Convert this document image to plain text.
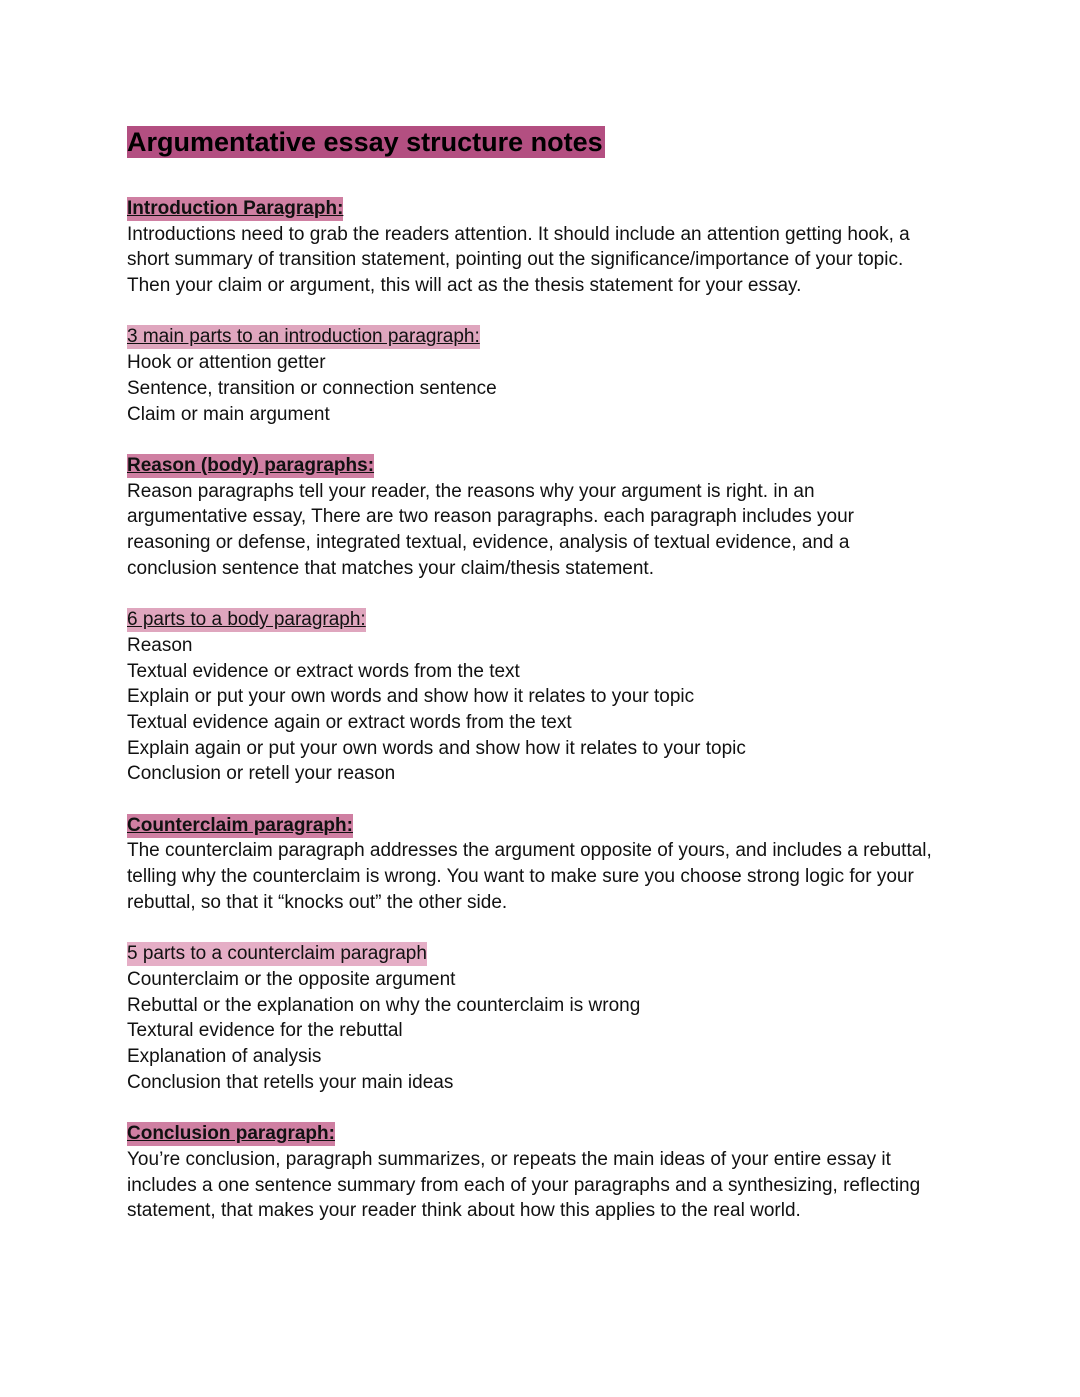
Argumentative essay structure notes
Introduction Paragraph:

Introductions need to grab the readers attention. It should include an attention getting hook, a

short summary of transition statement, pointing out the significance/importance of your topic.

Then your claim or argument, this will act as the thesis statement for your essay.

3 main parts to an introduction paragraph:

Hook or attention getter

Sentence, transition or connection sentence

Claim or main argument

Reason (body) paragraphs:

Reason paragraphs tell your reader, the reasons why your argument is right. in an

argumentative essay, There are two reason paragraphs. each paragraph includes your

reasoning or defense, integrated textual, evidence, analysis of textual evidence, and a

conclusion sentence that matches your claim/thesis statement.

6 parts to a body paragraph:

Reason

Textual evidence or extract words from the text

Explain or put your own words and show how it relates to your topic

Textual evidence again or extract words from the text

Explain again or put your own words and show how it relates to your topic

Conclusion or retell your reason

Counterclaim paragraph:

The counterclaim paragraph addresses the argument opposite of yours, and includes a rebuttal,

telling why the counterclaim is wrong. You want to make sure you choose strong logic for your

rebuttal, so that it “knocks out” the other side.

5 parts to a counterclaim paragraph

Counterclaim or the opposite argument

Rebuttal or the explanation on why the counterclaim is wrong

Textural evidence for the rebuttal

Explanation of analysis

Conclusion that retells your main ideas

Conclusion paragraph:

You’re conclusion, paragraph summarizes, or repeats the main ideas of your entire essay it

includes a one sentence summary from each of your paragraphs and a synthesizing, reflecting

statement, that makes your reader think about how this applies to the real world.
